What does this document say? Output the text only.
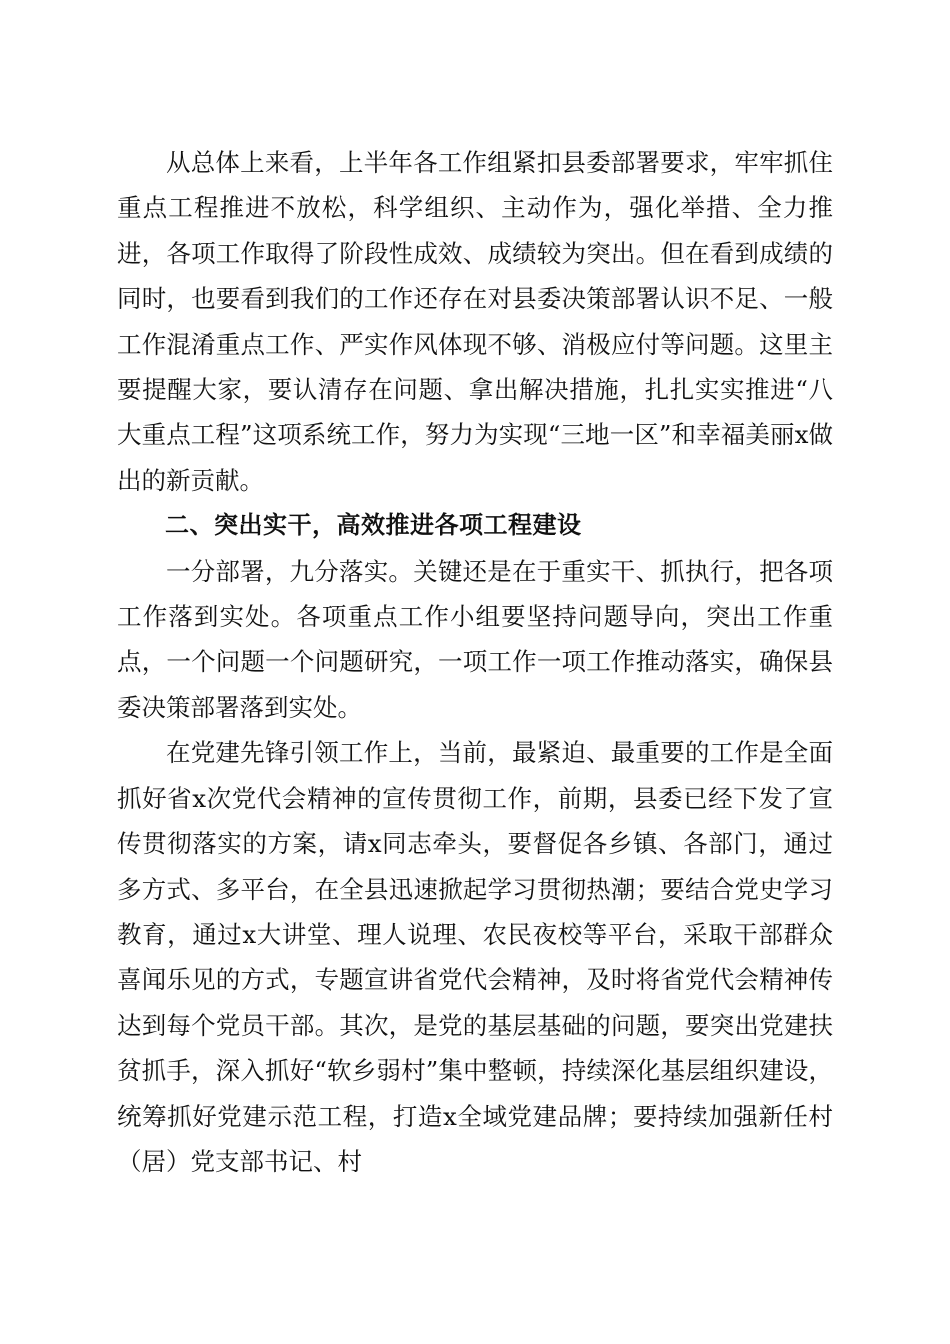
从总体上来看，上半年各工作组紧扣县委部署要求，牢牢抓住重点工程推进不放松，科学组织、主动作为，强化举措、全力推进，各项工作取得了阶段性成效、成绩较为突出。但在看到成绩的同时，也要看到我们的工作还存在对县委决策部署认识不足、一般工作混淆重点工作、严实作风体现不够、消极应付等问题。这里主要提醒大家，要认清存在问题、拿出解决措施，扎扎实实推进“八大重点工程”这项系统工作，努力为实现“三地一区”和幸福美丽x做出的新贡献。

二、突出实干，高效推进各项工程建设

一分部署，九分落实。关键还是在于重实干、抓执行，把各项工作落到实处。各项重点工作小组要坚持问题导向，突出工作重点，一个问题一个问题研究，一项工作一项工作推动落实，确保县委决策部署落到实处。

在党建先锋引领工作上，当前，最紧迫、最重要的工作是全面抓好省x次党代会精神的宣传贯彻工作，前期，县委已经下发了宣传贯彻落实的方案，请x同志牵头，要督促各乡镇、各部门，通过多方式、多平台，在全县迅速掀起学习贯彻热潮；要结合党史学习教育，通过x大讲堂、理人说理、农民夜校等平台，采取干部群众喜闻乐见的方式，专题宣讲省党代会精神，及时将省党代会精神传达到每个党员干部。其次，是党的基层基础的问题，要突出党建扶贫抓手，深入抓好“软乡弱村”集中整顿，持续深化基层组织建设，统筹抓好党建示范工程，打造x全域党建品牌；要持续加强新任村（居）党支部书记、村
